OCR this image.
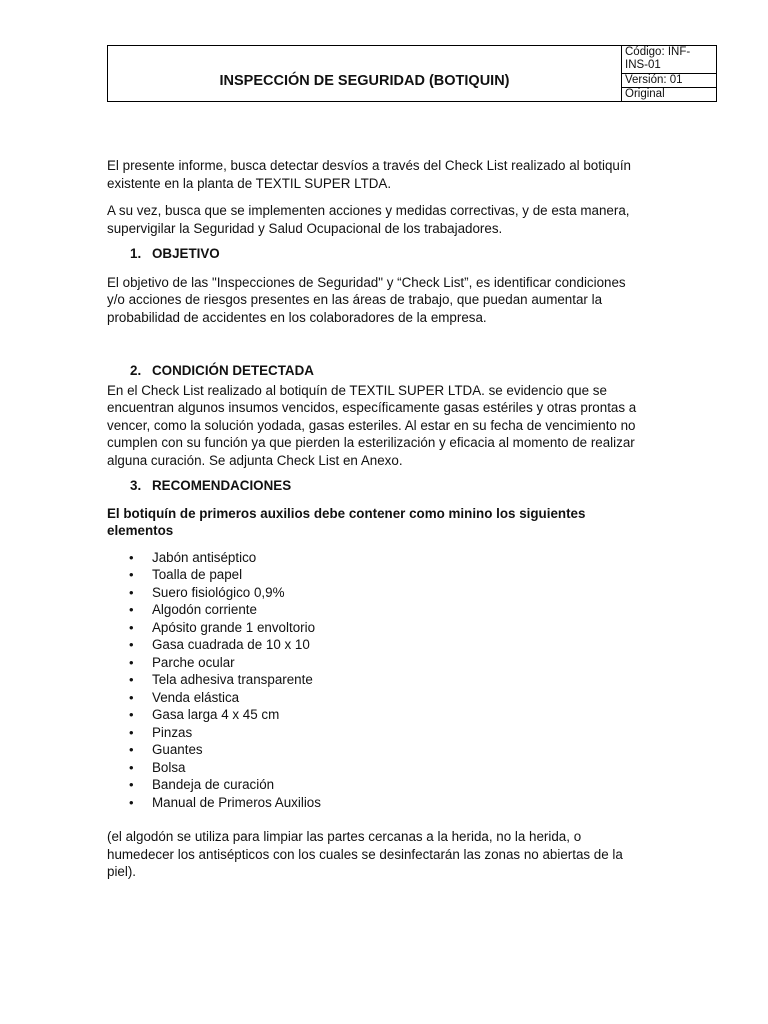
INSPECCIÓN DE SEGURIDAD (BOTIQUIN)
Código: INF-INS-01
Versión: 01
Original

El presente informe, busca detectar desvíos a través del Check List realizado al botiquín existente en la planta de TEXTIL SUPER LTDA.

A su vez, busca que se implementen acciones y medidas correctivas, y de esta manera, supervigilar la Seguridad y Salud Ocupacional de los trabajadores.

1. OBJETIVO

El objetivo de las "Inspecciones de Seguridad" y “Check List”, es identificar condiciones y/o acciones de riesgos presentes en las áreas de trabajo, que puedan aumentar la probabilidad de accidentes en los colaboradores de la empresa.

2. CONDICIÓN DETECTADA

En el Check List realizado al botiquín de TEXTIL SUPER LTDA. se evidencio que se encuentran algunos insumos vencidos, específicamente gasas estériles y otras prontas a vencer, como la solución yodada, gasas esteriles. Al estar en su fecha de vencimiento no cumplen con su función ya que pierden la esterilización y eficacia al momento de realizar alguna curación. Se adjunta Check List en Anexo.

3. RECOMENDACIONES

El botiquín de primeros auxilios debe contener como minino los siguientes elementos

•	Jabón antiséptico
•	Toalla de papel
•	Suero fisiológico 0,9%
•	Algodón corriente
•	Apósito grande 1 envoltorio
•	Gasa cuadrada de 10 x 10
•	Parche ocular
•	Tela adhesiva transparente
•	Venda elástica
•	Gasa larga 4 x 45 cm
•	Pinzas
•	Guantes
•	Bolsa
•	Bandeja de curación
•	Manual de Primeros Auxilios

(el algodón se utiliza para limpiar las partes cercanas a la herida, no la herida, o humedecer los antisépticos con los cuales se desinfectarán las zonas no abiertas de la piel).
